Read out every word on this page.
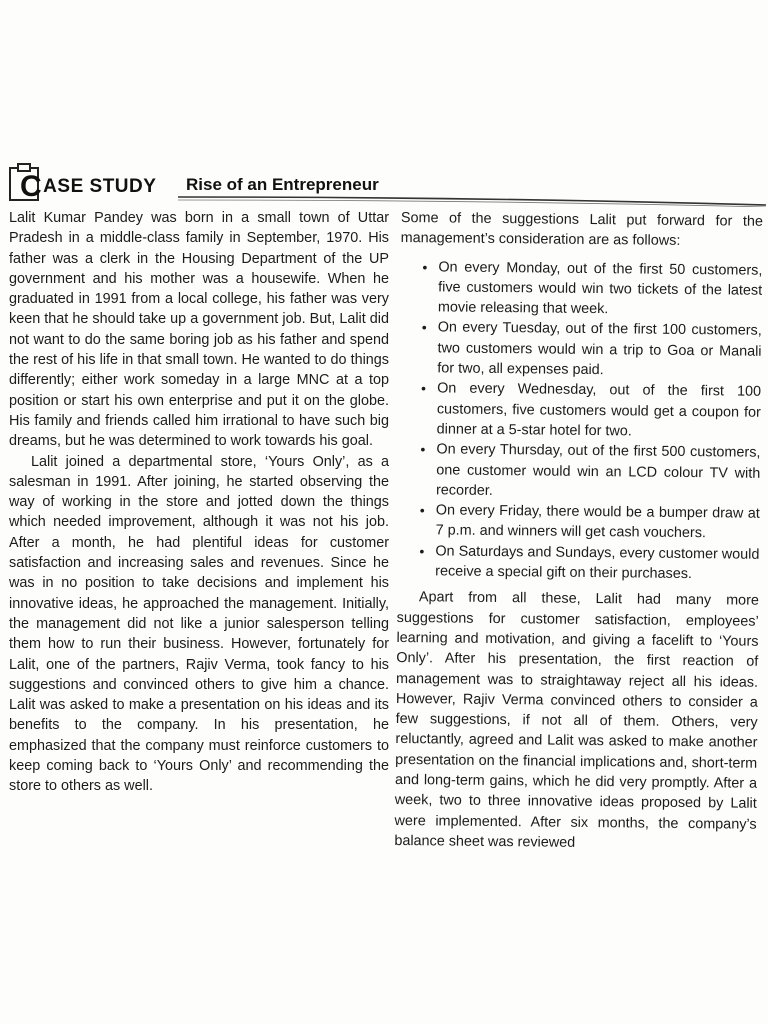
CASE STUDY Rise of an Entrepreneur

Lalit Kumar Pandey was born in a small town of Uttar Pradesh in a middle-class family in September, 1970. His father was a clerk in the Housing Department of the UP government and his mother was a housewife. When he graduated in 1991 from a local college, his father was very keen that he should take up a government job. But, Lalit did not want to do the same boring job as his father and spend the rest of his life in that small town. He wanted to do things differently; either work someday in a large MNC at a top position or start his own enterprise and put it on the globe. His family and friends called him irrational to have such big dreams, but he was determined to work towards his goal.

Lalit joined a departmental store, ‘Yours Only’, as a salesman in 1991. After joining, he started observing the way of working in the store and jotted down the things which needed improvement, although it was not his job. After a month, he had plentiful ideas for customer satisfaction and increasing sales and revenues. Since he was in no position to take decisions and implement his innovative ideas, he approached the management. Initially, the management did not like a junior salesperson telling them how to run their business. However, fortunately for Lalit, one of the partners, Rajiv Verma, took fancy to his suggestions and convinced others to give him a chance. Lalit was asked to make a presentation on his ideas and its benefits to the company. In his presentation, he emphasized that the company must reinforce customers to keep coming back to ‘Yours Only’ and recommending the store to others as well.

Some of the suggestions Lalit put forward for the management’s consideration are as follows:

• On every Monday, out of the first 50 customers, five customers would win two tickets of the latest movie releasing that week.
• On every Tuesday, out of the first 100 customers, two customers would win a trip to Goa or Manali for two, all expenses paid.
• On every Wednesday, out of the first 100 customers, five customers would get a coupon for dinner at a 5-star hotel for two.
• On every Thursday, out of the first 500 customers, one customer would win an LCD colour TV with recorder.
• On every Friday, there would be a bumper draw at 7 p.m. and winners will get cash vouchers.
• On Saturdays and Sundays, every customer would receive a special gift on their purchases.

Apart from all these, Lalit had many more suggestions for customer satisfaction, employees’ learning and motivation, and giving a facelift to ‘Yours Only’. After his presentation, the first reaction of management was to straightaway reject all his ideas. However, Rajiv Verma convinced others to consider a few suggestions, if not all of them. Others, very reluctantly, agreed and Lalit was asked to make another presentation on the financial implications and, short-term and long-term gains, which he did very promptly. After a week, two to three innovative ideas proposed by Lalit were implemented. After six months, the company’s balance sheet was reviewed
